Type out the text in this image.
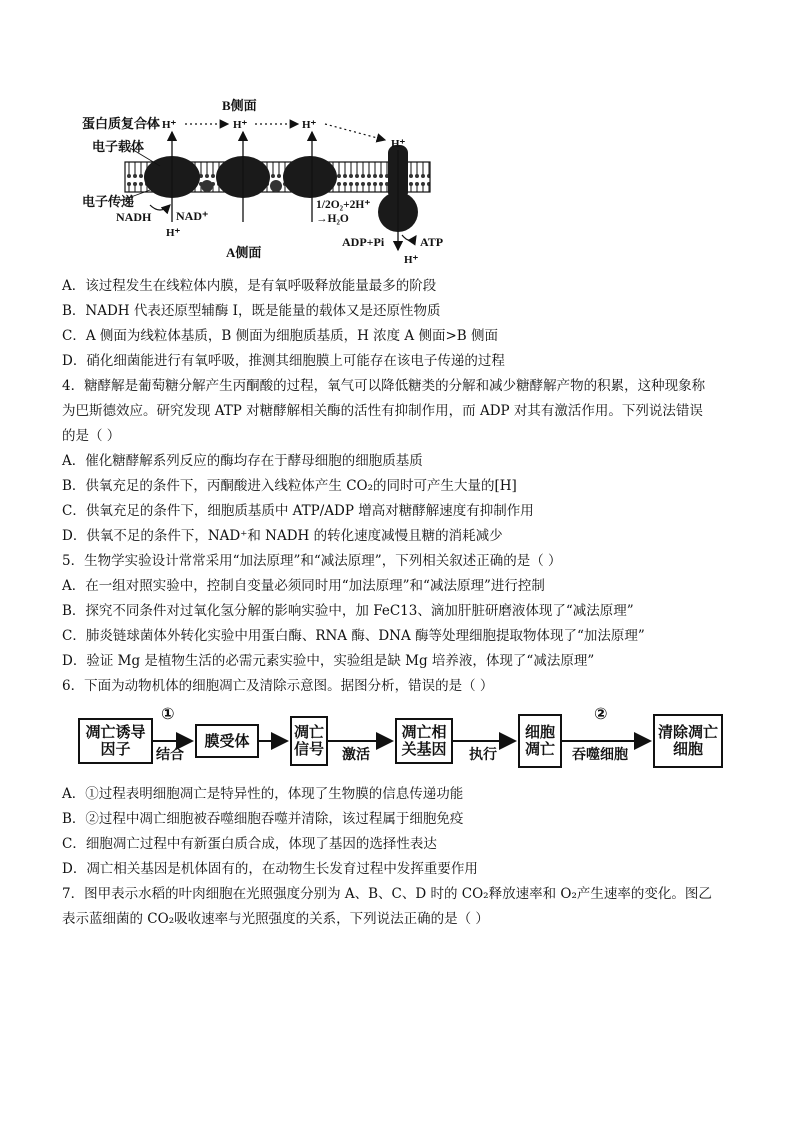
B侧面
A侧面
蛋白质复合体
电子载体
电子传递
NADH NAD⁺
H⁺	H⁺	H⁺
H⁺
H⁺
H⁺
1/2O₂+2H⁺
→H₂O
ADP+Pi	ATP
A．该过程发生在线粒体内膜，是有氧呼吸释放能量最多的阶段
B．NADH 代表还原型辅酶 I，既是能量的载体又是还原性物质
C．A 侧面为线粒体基质，B 侧面为细胞质基质，H 浓度 A 侧面>B 侧面
D．硝化细菌能进行有氧呼吸，推测其细胞膜上可能存在该电子传递的过程
4．糖酵解是葡萄糖分解产生丙酮酸的过程，氧气可以降低糖类的分解和减少糖酵解产物的积累，这种现象称
为巴斯德效应。研究发现 ATP 对糖酵解相关酶的活性有抑制作用，而 ADP 对其有激活作用。下列说法错误
的是（ ）
A．催化糖酵解系列反应的酶均存在于酵母细胞的细胞质基质
B．供氧充足的条件下，丙酮酸进入线粒体产生 CO₂的同时可产生大量的[H]
C．供氧充足的条件下，细胞质基质中 ATP/ADP 增高对糖酵解速度有抑制作用
D．供氧不足的条件下，NAD⁺和 NADH 的转化速度减慢且糖的消耗减少
5．生物学实验设计常常采用“加法原理”和“减法原理”，下列相关叙述正确的是（ ）
A．在一组对照实验中，控制自变量必须同时用“加法原理”和“减法原理”进行控制
B．探究不同条件对过氧化氢分解的影响实验中，加 FeC13、滴加肝脏研磨液体现了“减法原理”
C．肺炎链球菌体外转化实验中用蛋白酶、RNA 酶、DNA 酶等处理细胞提取物体现了“加法原理”
D．验证 Mg 是植物生活的必需元素实验中，实验组是缺 Mg 培养液，体现了“减法原理”
6．下面为动物机体的细胞凋亡及清除示意图。据图分析，错误的是（ ）
凋亡诱导因子
①
结合
膜受体	凋亡信号 激活
凋亡相关基因	执行
细胞凋亡
②
吞噬细胞
清除凋亡细胞
A．①过程表明细胞凋亡是特异性的，体现了生物膜的信息传递功能
B．②过程中凋亡细胞被吞噬细胞吞噬并清除，该过程属于细胞免疫
C．细胞凋亡过程中有新蛋白质合成，体现了基因的选择性表达
D．凋亡相关基因是机体固有的，在动物生长发育过程中发挥重要作用
7．图甲表示水稻的叶肉细胞在光照强度分别为 A、B、C、D 时的 CO₂释放速率和 O₂产生速率的变化。图乙
表示蓝细菌的 CO₂吸收速率与光照强度的关系，下列说法正确的是（ ）
